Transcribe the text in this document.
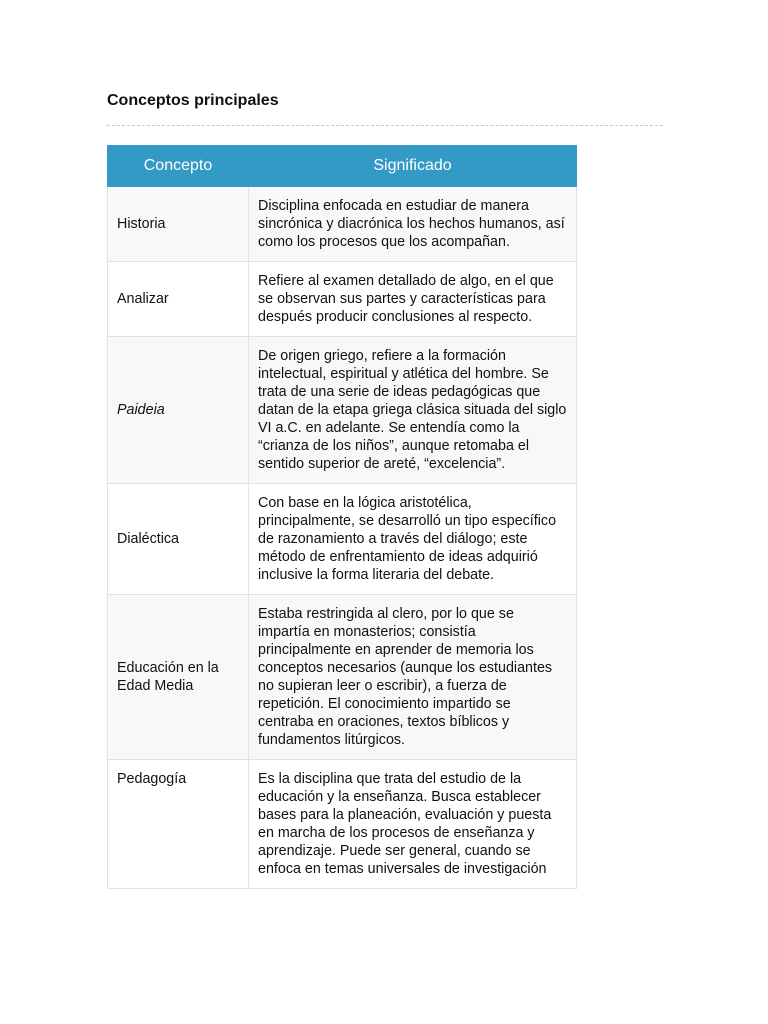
Conceptos principales
Concepto	Significado
Historia	Disciplina enfocada en estudiar de manera sincrónica y diacrónica los hechos humanos, así como los procesos que los acompañan.
Analizar	Refiere al examen detallado de algo, en el que se observan sus partes y características para después producir conclusiones al respecto.
Paideia	De origen griego, refiere a la formación intelectual, espiritual y atlética del hombre. Se trata de una serie de ideas pedagógicas que datan de la etapa griega clásica situada del siglo VI a.C. en adelante. Se entendía como la “crianza de los niños”, aunque retomaba el sentido superior de areté, “excelencia”.
Dialéctica	Con base en la lógica aristotélica, principalmente, se desarrolló un tipo específico de razonamiento a través del diálogo; este método de enfrentamiento de ideas adquirió inclusive la forma literaria del debate.
Educación en la Edad Media	Estaba restringida al clero, por lo que se impartía en monasterios; consistía principalmente en aprender de memoria los conceptos necesarios (aunque los estudiantes no supieran leer o escribir), a fuerza de repetición. El conocimiento impartido se centraba en oraciones, textos bíblicos y fundamentos litúrgicos.
Pedagogía	Es la disciplina que trata del estudio de la educación y la enseñanza. Busca establecer bases para la planeación, evaluación y puesta en marcha de los procesos de enseñanza y aprendizaje. Puede ser general, cuando se enfoca en temas universales de investigación
